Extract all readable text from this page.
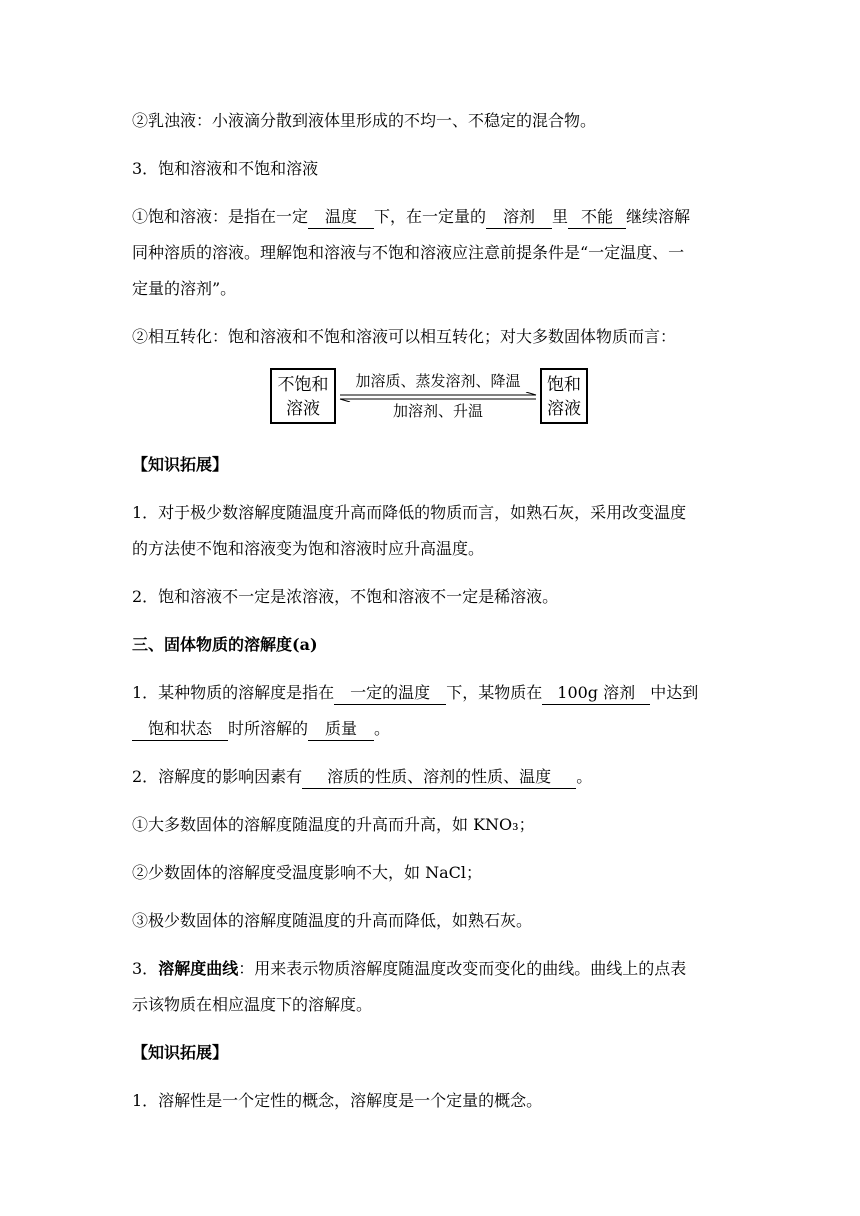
②乳浊液：小液滴分散到液体里形成的不均一、不稳定的混合物。
3．饱和溶液和不饱和溶液
①饱和溶液：是指在一定 温度 下，在一定量的 溶剂 里 不能 继续溶解
同种溶质的溶液。理解饱和溶液与不饱和溶液应注意前提条件是“一定温度、一
定量的溶剂”。
②相互转化：饱和溶液和不饱和溶液可以相互转化；对大多数固体物质而言：
不饱和
溶液
加溶质、蒸发溶剂、降温
加溶剂、升温
饱和
溶液
【知识拓展】
1．对于极少数溶解度随温度升高而降低的物质而言，如熟石灰，采用改变温度
的方法使不饱和溶液变为饱和溶液时应升高温度。
2．饱和溶液不一定是浓溶液，不饱和溶液不一定是稀溶液。
三、固体物质的溶解度(a)
1．某种物质的溶解度是指在 一定的温度 下，某物质在 100g 溶剂 中达到
饱和状态 时所溶解的 质量 。
2．溶解度的影响因素有 溶质的性质、溶剂的性质、温度 。
①大多数固体的溶解度随温度的升高而升高，如 KNO₃；
②少数固体的溶解度受温度影响不大，如 NaCl；
③极少数固体的溶解度随温度的升高而降低，如熟石灰。
3．溶解度曲线：用来表示物质溶解度随温度改变而变化的曲线。曲线上的点表
示该物质在相应温度下的溶解度。
【知识拓展】
1．溶解性是一个定性的概念，溶解度是一个定量的概念。
